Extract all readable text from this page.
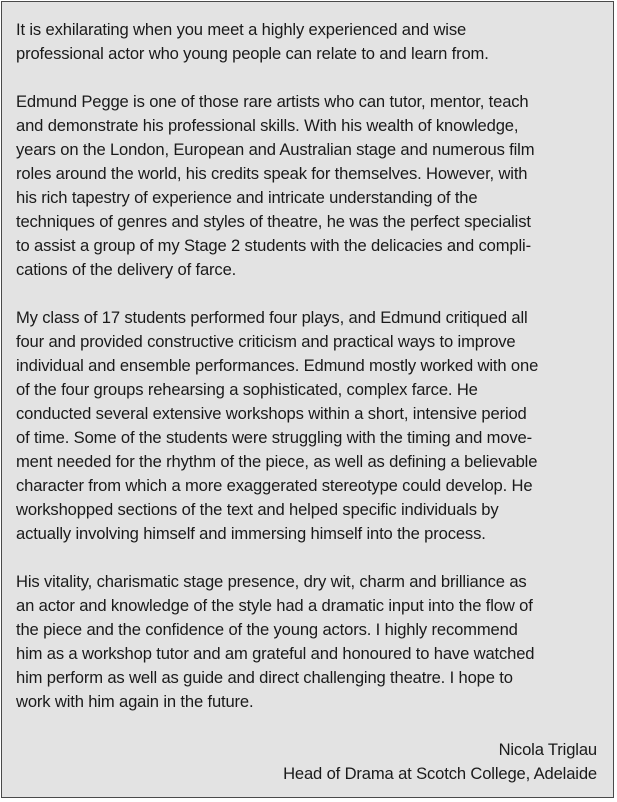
It is exhilarating when you meet a highly experienced and wise
professional actor who young people can relate to and learn from.

Edmund Pegge is one of those rare artists who can tutor, mentor, teach
and demonstrate his professional skills. With his wealth of knowledge,
years on the London, European and Australian stage and numerous film
roles around the world, his credits speak for themselves. However, with
his rich tapestry of experience and intricate understanding of the
techniques of genres and styles of theatre, he was the perfect specialist
to assist a group of my Stage 2 students with the delicacies and compli-
cations of the delivery of farce.

My class of 17 students performed four plays, and Edmund critiqued all
four and provided constructive criticism and practical ways to improve
individual and ensemble performances. Edmund mostly worked with one
of the four groups rehearsing a sophisticated, complex farce. He
conducted several extensive workshops within a short, intensive period
of time. Some of the students were struggling with the timing and move-
ment needed for the rhythm of the piece, as well as defining a believable
character from which a more exaggerated stereotype could develop. He
workshopped sections of the text and helped specific individuals by
actually involving himself and immersing himself into the process.

His vitality, charismatic stage presence, dry wit, charm and brilliance as
an actor and knowledge of the style had a dramatic input into the flow of
the piece and the confidence of the young actors. I highly recommend
him as a workshop tutor and am grateful and honoured to have watched
him perform as well as guide and direct challenging theatre. I hope to
work with him again in the future.

Nicola Triglau
Head of Drama at Scotch College, Adelaide
